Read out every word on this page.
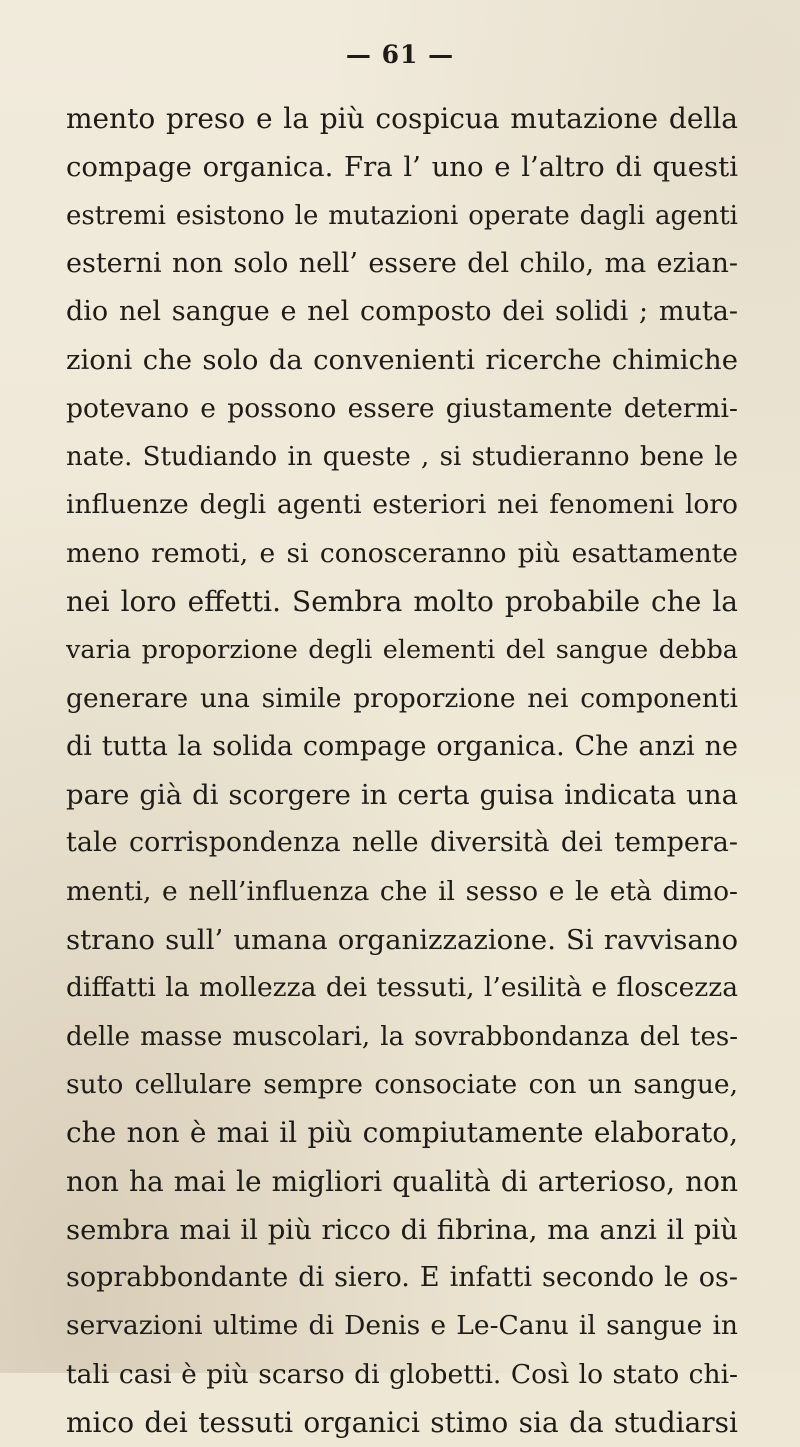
— 61 —
mento preso e la più cospicua mutazione della
compage organica. Fra l’ uno e l’altro di questi
estremi esistono le mutazioni operate dagli agenti
esterni non solo nell’ essere del chilo, ma ezian-
dio nel sangue e nel composto dei solidi ; muta-
zioni che solo da convenienti ricerche chimiche
potevano e possono essere giustamente determi-
nate. Studiando in queste , si studieranno bene le
influenze degli agenti esteriori nei fenomeni loro
meno remoti, e si conosceranno più esattamente
nei loro effetti. Sembra molto probabile che la
varia proporzione degli elementi del sangue debba
generare una simile proporzione nei componenti
di tutta la solida compage organica. Che anzi ne
pare già di scorgere in certa guisa indicata una
tale corrispondenza nelle diversità dei tempera-
menti, e nell’influenza che il sesso e le età dimo-
strano sull’ umana organizzazione. Si ravvisano
diffatti la mollezza dei tessuti, l’esilità e floscezza
delle masse muscolari, la sovrabbondanza del tes-
suto cellulare sempre consociate con un sangue,
che non è mai il più compiutamente elaborato,
non ha mai le migliori qualità di arterioso, non
sembra mai il più ricco di fibrina, ma anzi il più
soprabbondante di siero. E infatti secondo le os-
servazioni ultime di Denis e Le-Canu il sangue in
tali casi è più scarso di globetti. Così lo stato chi-
mico dei tessuti organici stimo sia da studiarsi
